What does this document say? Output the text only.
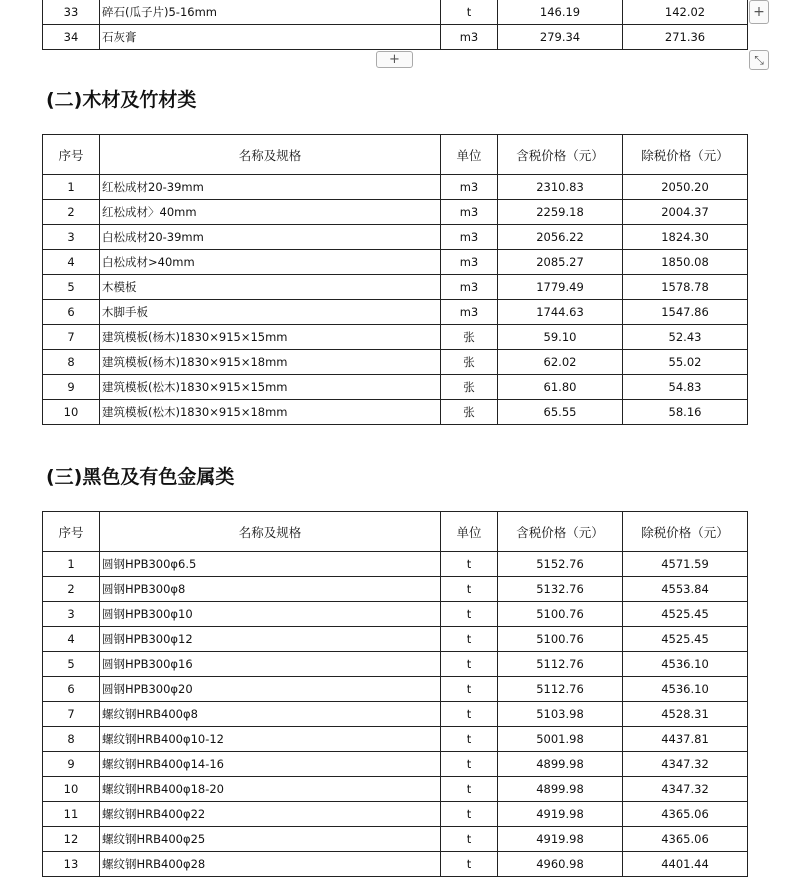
33	碎石(瓜子片)5-16mm	t	146.19	142.02
34	石灰膏	m3	279.34	271.36
+
+	⤡
(二)木材及竹材类
序号	名称及规格	单位	含税价格（元）	除税价格（元）
1	红松成材20-39mm	m3	2310.83	2050.20
2	红松成材〉40mm	m3	2259.18	2004.37
3	白松成材20-39mm	m3	2056.22	1824.30
4	白松成材>40mm	m3	2085.27	1850.08
5	木模板	m3	1779.49	1578.78
6	木脚手板	m3	1744.63	1547.86
7	建筑模板(杨木)1830×915×15mm	张	59.10	52.43
8	建筑模板(杨木)1830×915×18mm	张	62.02	55.02
9	建筑模板(松木)1830×915×15mm	张	61.80	54.83
10	建筑模板(松木)1830×915×18mm	张	65.55	58.16
(三)黑色及有色金属类
序号	名称及规格	单位	含税价格（元）	除税价格（元）
1	圆钢HPB300φ6.5	t	5152.76	4571.59
2	圆钢HPB300φ8	t	5132.76	4553.84
3	圆钢HPB300φ10	t	5100.76	4525.45
4	圆钢HPB300φ12	t	5100.76	4525.45
5	圆钢HPB300φ16	t	5112.76	4536.10
6	圆钢HPB300φ20	t	5112.76	4536.10
7	螺纹钢HRB400φ8	t	5103.98	4528.31
8	螺纹钢HRB400φ10-12	t	5001.98	4437.81
9	螺纹钢HRB400φ14-16	t	4899.98	4347.32
10	螺纹钢HRB400φ18-20	t	4899.98	4347.32
11	螺纹钢HRB400φ22	t	4919.98	4365.06
12	螺纹钢HRB400φ25	t	4919.98	4365.06
13	螺纹钢HRB400φ28	t	4960.98	4401.44
